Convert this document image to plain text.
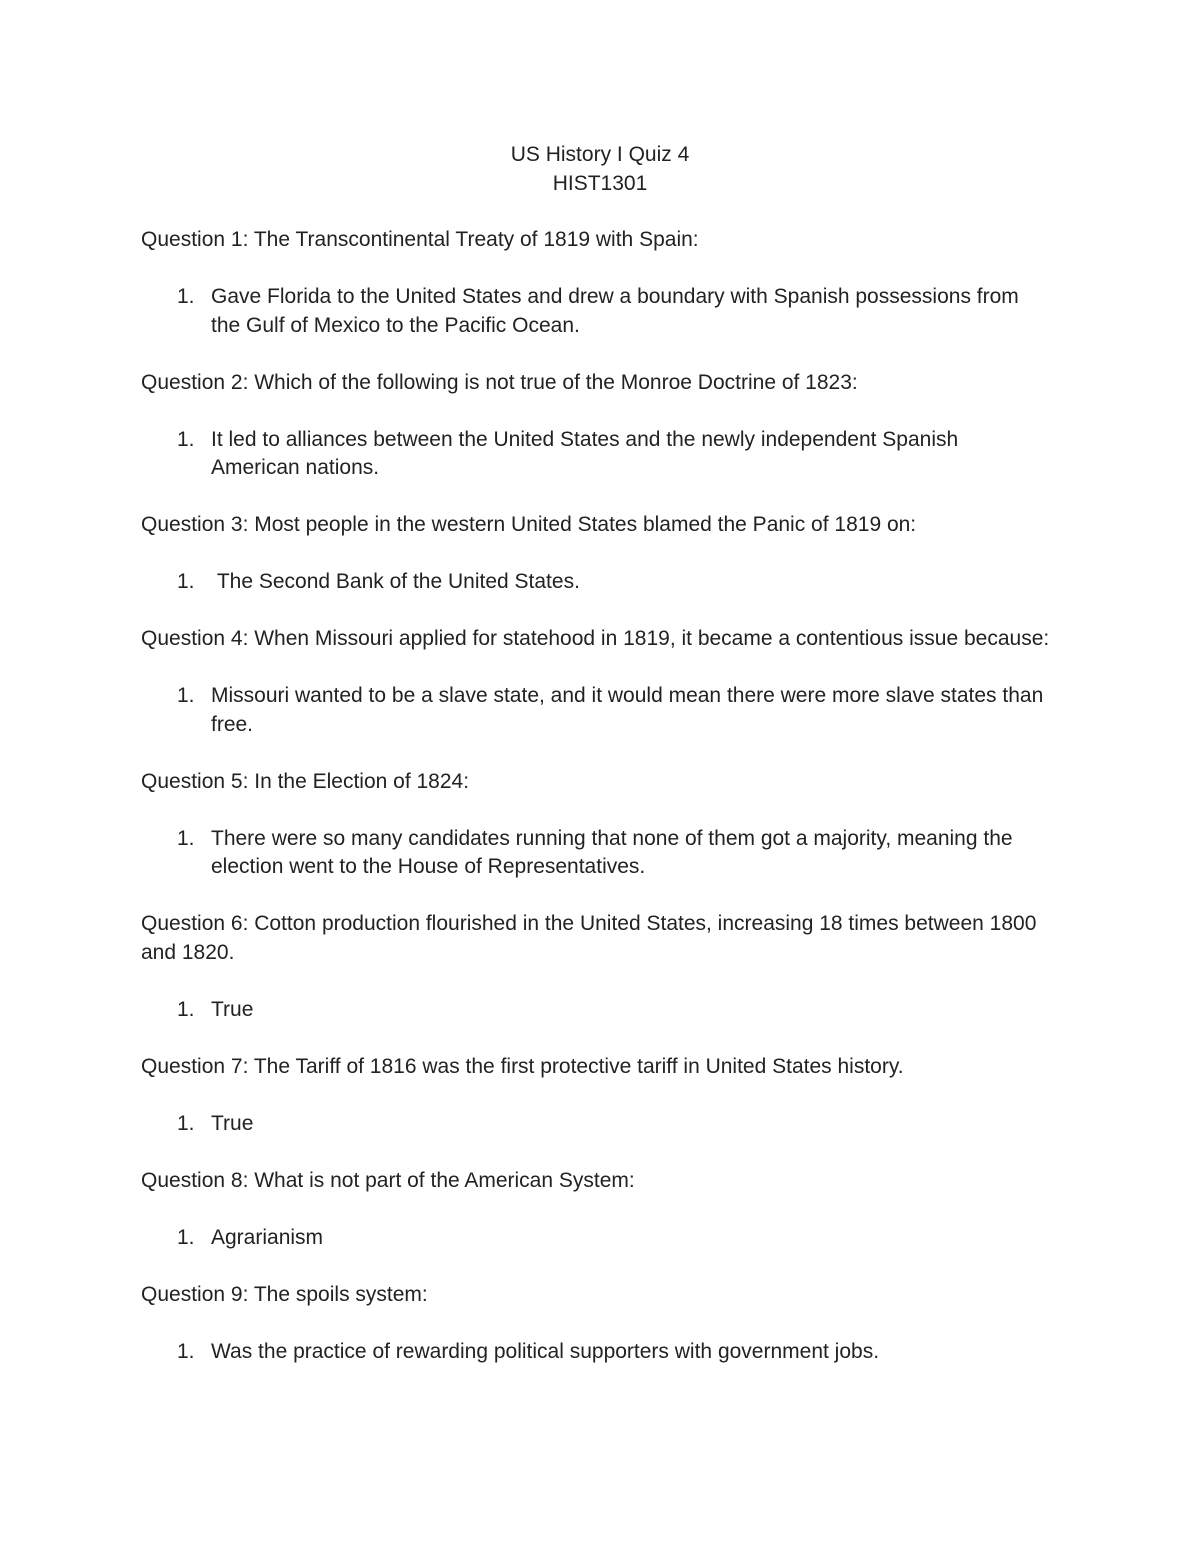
US History I Quiz 4
HIST1301

Question 1: The Transcontinental Treaty of 1819 with Spain:

1. Gave Florida to the United States and drew a boundary with Spanish possessions from the Gulf of Mexico to the Pacific Ocean.

Question 2: Which of the following is not true of the Monroe Doctrine of 1823:

1. It led to alliances between the United States and the newly independent Spanish American nations.

Question 3: Most people in the western United States blamed the Panic of 1819 on:

1. The Second Bank of the United States.

Question 4: When Missouri applied for statehood in 1819, it became a contentious issue because:

1. Missouri wanted to be a slave state, and it would mean there were more slave states than free.

Question 5: In the Election of 1824:

1. There were so many candidates running that none of them got a majority, meaning the election went to the House of Representatives.

Question 6: Cotton production flourished in the United States, increasing 18 times between 1800 and 1820.

1. True

Question 7: The Tariff of 1816 was the first protective tariff in United States history.

1. True

Question 8: What is not part of the American System:

1. Agrarianism

Question 9: The spoils system:

1. Was the practice of rewarding political supporters with government jobs.
